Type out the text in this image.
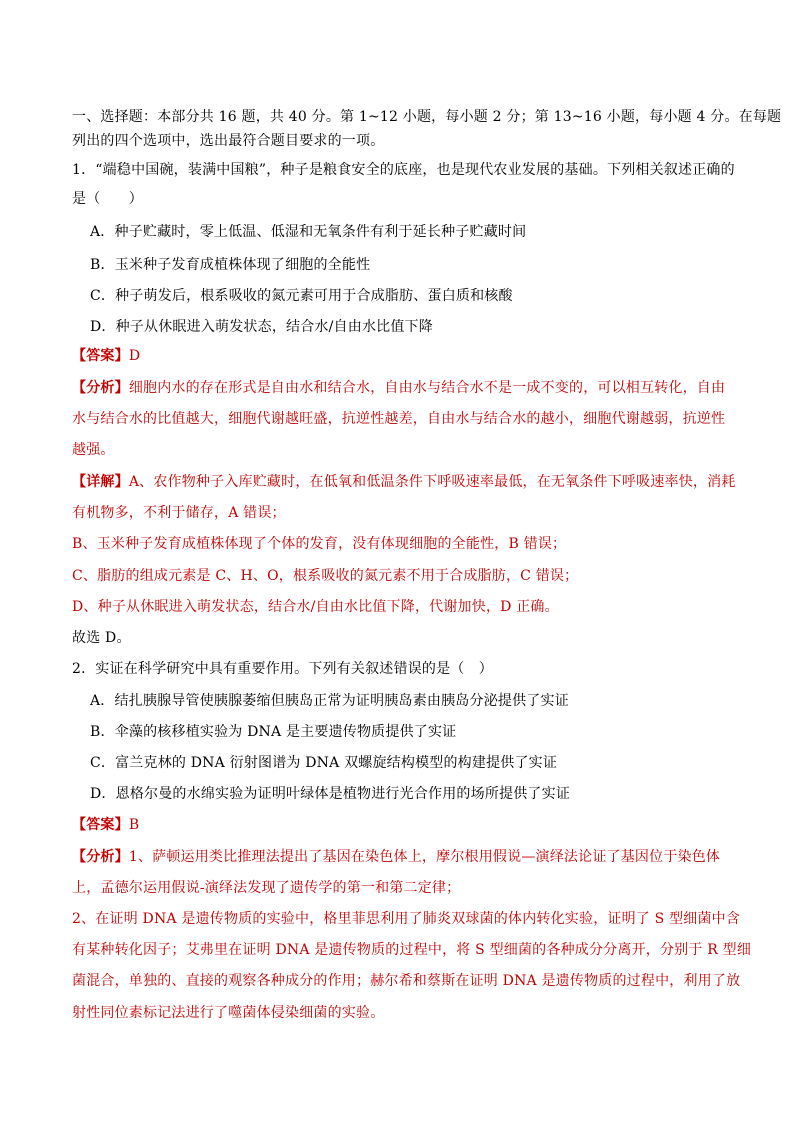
一、选择题：本部分共 16 题，共 40 分。第 1~12 小题，每小题 2 分；第 13~16 小题，每小题 4 分。在每题
列出的四个选项中，选出最符合题目要求的一项。
1．“端稳中国碗，装满中国粮”，种子是粮食安全的底座，也是现代农业发展的基础。下列相关叙述正确的
是（　　）
A．种子贮藏时，零上低温、低湿和无氧条件有利于延长种子贮藏时间
B．玉米种子发育成植株体现了细胞的全能性
C．种子萌发后，根系吸收的氮元素可用于合成脂肪、蛋白质和核酸
D．种子从休眠进入萌发状态，结合水/自由水比值下降
【答案】D
【分析】细胞内水的存在形式是自由水和结合水，自由水与结合水不是一成不变的，可以相互转化，自由
水与结合水的比值越大，细胞代谢越旺盛，抗逆性越差，自由水与结合水的越小，细胞代谢越弱，抗逆性
越强。
【详解】A、农作物种子入库贮藏时，在低氧和低温条件下呼吸速率最低，在无氧条件下呼吸速率快，消耗
有机物多，不利于储存，A 错误；
B、玉米种子发育成植株体现了个体的发育，没有体现细胞的全能性，B 错误；
C、脂肪的组成元素是 C、H、O，根系吸收的氮元素不用于合成脂肪，C 错误；
D、种子从休眠进入萌发状态，结合水/自由水比值下降，代谢加快，D 正确。
故选 D。
2．实证在科学研究中具有重要作用。下列有关叙述错误的是（　）
A．结扎胰腺导管使胰腺萎缩但胰岛正常为证明胰岛素由胰岛分泌提供了实证
B．伞藻的核移植实验为 DNA 是主要遗传物质提供了实证
C．富兰克林的 DNA 衍射图谱为 DNA 双螺旋结构模型的构建提供了实证
D．恩格尔曼的水绵实验为证明叶绿体是植物进行光合作用的场所提供了实证
【答案】B
【分析】1、萨顿运用类比推理法提出了基因在染色体上，摩尔根用假说—演绎法论证了基因位于染色体
上，孟德尔运用假说-演绎法发现了遗传学的第一和第二定律；
2、在证明 DNA 是遗传物质的实验中，格里菲思利用了肺炎双球菌的体内转化实验，证明了 S 型细菌中含
有某种转化因子；艾弗里在证明 DNA 是遗传物质的过程中，将 S 型细菌的各种成分分离开，分别于 R 型细
菌混合，单独的、直接的观察各种成分的作用；赫尔希和蔡斯在证明 DNA 是遗传物质的过程中，利用了放
射性同位素标记法进行了噬菌体侵染细菌的实验。
